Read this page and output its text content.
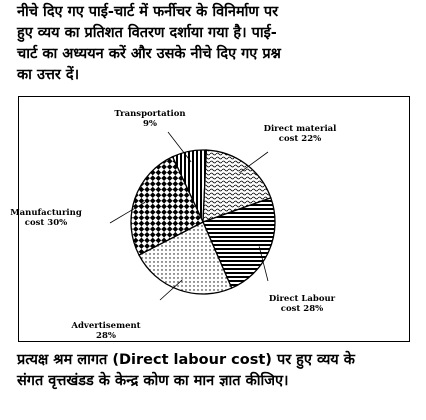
नीचे दिए गए पाई-चार्ट में फर्नीचर के विनिर्माण पर
हुए व्यय का प्रतिशत वितरण दर्शाया गया है। पाई-
चार्ट का अध्ययन करें और उसके नीचे दिए गए प्रश्न
का उत्तर दें।
Transportation 9%	Direct material cost 22%
Direct Labour cost 28%
Advertisement 28%
Manufacturing cost 30%
प्रत्यक्ष श्रम लागत (Direct labour cost) पर हुए व्यय के
संगत वृत्तखंडड के केन्द्र कोण का मान ज्ञात कीजिए।
